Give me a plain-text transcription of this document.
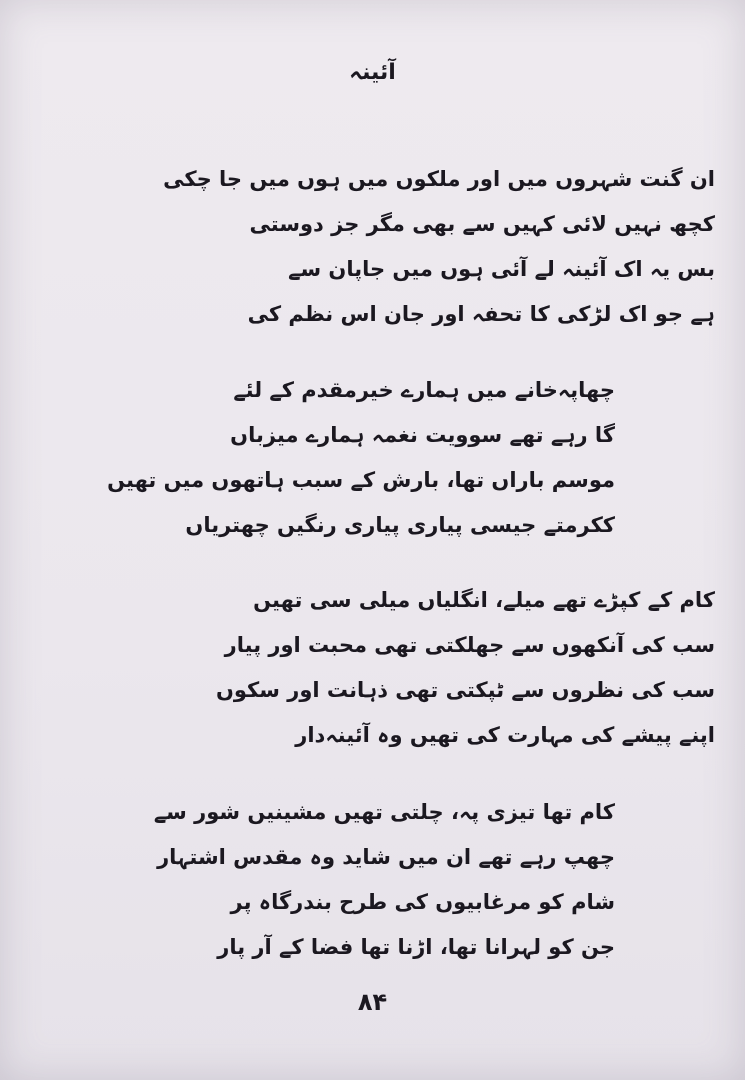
آئینہ
ان گنت شہروں میں اور ملکوں میں ہوں میں جا چکی
کچھ نہیں لائی کہیں سے بھی مگر جز دوستی
بس یہ اک آئینہ لے آئی ہوں میں جاپان سے
ہے جو اک لڑکی کا تحفہ اور جان اس نظم کی
چھاپہ‌خانے میں ہمارے خیرمقدم کے لئے
گا رہے تھے سوویت نغمہ ہمارے میزباں
موسم باراں تھا، بارش کے سبب ہاتھوں میں تھیں
ککرمتے جیسی پیاری پیاری رنگیں چھتریاں
کام کے کپڑے تھے میلے، انگلیاں میلی سی تھیں
سب کی آنکھوں سے جھلکتی تھی محبت اور پیار
سب کی نظروں سے ٹپکتی تھی ذہانت اور سکوں
اپنے پیشے کی مہارت کی تھیں وہ آئینہ‌دار
کام تھا تیزی پہ، چلتی تھیں مشینیں شور سے
چھپ رہے تھے ان میں شاید وہ مقدس اشتہار
شام کو مرغابیوں کی طرح بندرگاہ پر
جن کو لہرانا تھا، اڑنا تھا فضا کے آر پار
۸۴
